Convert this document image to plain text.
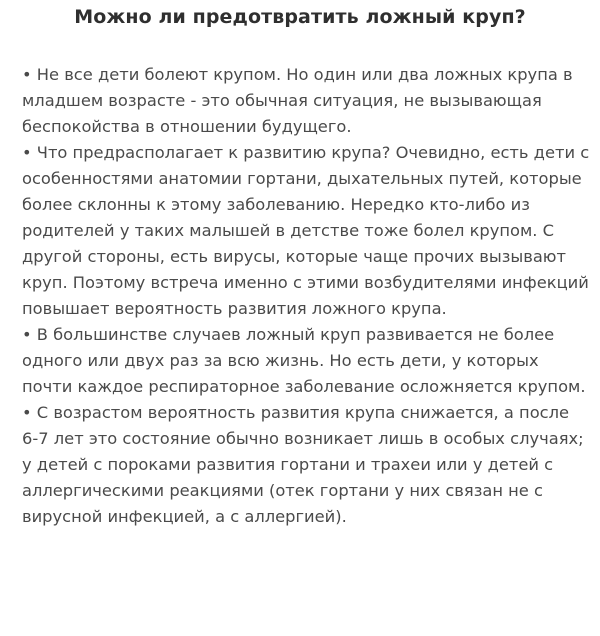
Можно ли предотвратить ложный круп?

• Не все дети болеют крупом. Но один или два ложных крупа в младшем возрасте - это обычная ситуация, не вызывающая беспокойства в отношении будущего.

• Что предрасполагает к развитию крупа? Очевидно, есть дети с особенностями анатомии гортани, дыхательных путей, которые более склонны к этому заболеванию. Нередко кто-либо из родителей у таких малышей в детстве тоже болел крупом. С другой стороны, есть вирусы, которые чаще прочих вызывают круп. Поэтому встреча именно с этими возбудителями инфекций повышает вероятность развития ложного крупа.

• В большинстве случаев ложный круп развивается не более одного или двух раз за всю жизнь. Но есть дети, у которых почти каждое респираторное заболевание осложняется крупом.

• С возрастом вероятность развития крупа снижается, а после 6-7 лет это состояние обычно возникает лишь в особых случаях; у детей с пороками развития гортани и трахеи или у детей с аллергическими реакциями (отек гортани у них связан не с вирусной инфекцией, а с аллергией).
